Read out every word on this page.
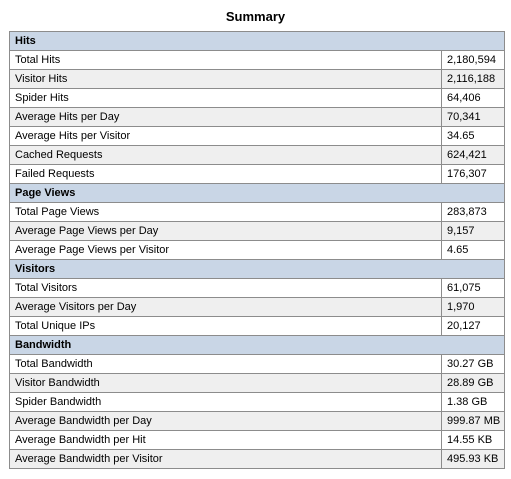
Summary
Hits	
Total Hits	2,180,594
Visitor Hits	2,116,188
Spider Hits	64,406
Average Hits per Day	70,341
Average Hits per Visitor	34.65
Cached Requests	624,421
Failed Requests	176,307
Page Views	
Total Page Views	283,873
Average Page Views per Day	9,157
Average Page Views per Visitor	4.65
Visitors	
Total Visitors	61,075
Average Visitors per Day	1,970
Total Unique IPs	20,127
Bandwidth	
Total Bandwidth	30.27 GB
Visitor Bandwidth	28.89 GB
Spider Bandwidth	1.38 GB
Average Bandwidth per Day	999.87 MB
Average Bandwidth per Hit	14.55 KB
Average Bandwidth per Visitor	495.93 KB
